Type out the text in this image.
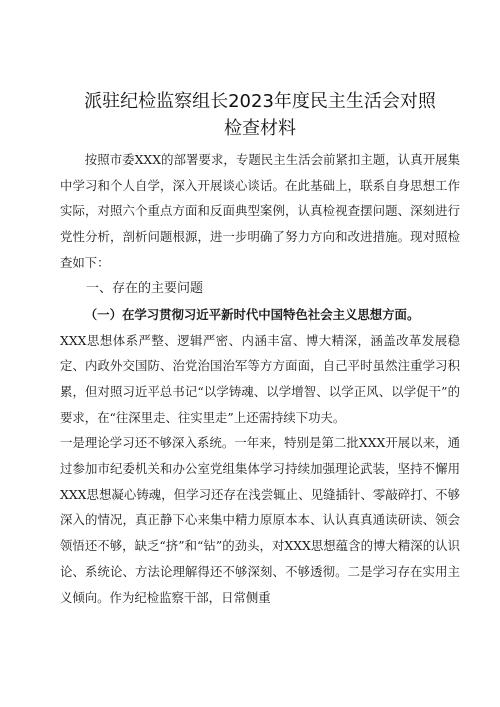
派驻纪检监察组长2023年度民主生活会对照
检查材料

按照市委XXX的部署要求，专题民主生活会前紧扣主题，认真开展集中学习和个人自学，深入开展谈心谈话。在此基础上，联系自身思想工作实际，对照六个重点方面和反面典型案例，认真检视查摆问题、深刻进行党性分析，剖析问题根源，进一步明确了努力方向和改进措施。现对照检查如下：

一、存在的主要问题

（一）在学习贯彻习近平新时代中国特色社会主义思想方面。

XXX思想体系严整、逻辑严密、内涵丰富、博大精深，涵盖改革发展稳定、内政外交国防、治党治国治军等方方面面，自己平时虽然注重学习积累，但对照习近平总书记“以学铸魂、以学增智、以学正风、以学促干”的要求，在“往深里走、往实里走”上还需持续下功夫。

一是理论学习还不够深入系统。一年来，特别是第二批XXX开展以来，通过参加市纪委机关和办公室党组集体学习持续加强理论武装，坚持不懈用XXX思想凝心铸魂，但学习还存在浅尝辄止、见缝插针、零敲碎打、不够深入的情况，真正静下心来集中精力原原本本、认认真真通读研读、领会领悟还不够，缺乏“挤”和“钻”的劲头，对XXX思想蕴含的博大精深的认识论、系统论、方法论理解得还不够深刻、不够透彻。二是学习存在实用主义倾向。作为纪检监察干部，日常侧重
